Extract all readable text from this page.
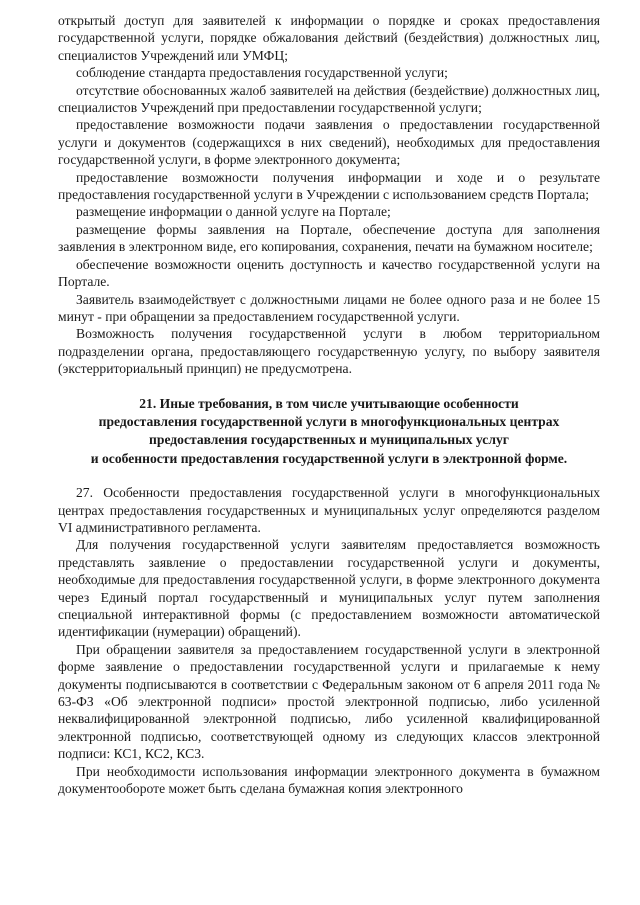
открытый доступ для заявителей к информации о порядке и сроках предоставления государственной услуги, порядке обжалования действий (бездействия) должностных лиц, специалистов Учреждений или УМФЦ;

соблюдение стандарта предоставления государственной услуги;

отсутствие обоснованных жалоб заявителей на действия (бездействие) должностных лиц, специалистов Учреждений при предоставлении государственной услуги;

предоставление возможности подачи заявления о предоставлении государственной услуги и документов (содержащихся в них сведений), необходимых для предоставления государственной услуги, в форме электронного документа;

предоставление возможности получения информации и ходе и о результате предоставления государственной услуги в Учреждении с использованием средств Портала;

размещение информации о данной услуге на Портале;

размещение формы заявления на Портале, обеспечение доступа для заполнения заявления в электронном виде, его копирования, сохранения, печати на бумажном носителе;

обеспечение возможности оценить доступность и качество государственной услуги на Портале.

Заявитель взаимодействует с должностными лицами не более одного раза и не более 15 минут - при обращении за предоставлением государственной услуги.

Возможность получения государственной услуги в любом территориальном подразделении органа, предоставляющего государственную услугу, по выбору заявителя (экстерриториальный принцип) не предусмотрена.

21. Иные требования, в том числе учитывающие особенности
предоставления государственной услуги в многофункциональных центрах
предоставления государственных и муниципальных услуг
и особенности предоставления государственной услуги в электронной форме.

27. Особенности предоставления государственной услуги в многофункциональных центрах предоставления государственных и муниципальных услуг определяются разделом VI административного регламента.

Для получения государственной услуги заявителям предоставляется возможность представлять заявление о предоставлении государственной услуги и документы, необходимые для предоставления государственной услуги, в форме электронного документа через Единый портал государственный и муниципальных услуг путем заполнения специальной интерактивной формы (с предоставлением возможности автоматической идентификации (нумерации) обращений).

При обращении заявителя за предоставлением государственной услуги в электронной форме заявление о предоставлении государственной услуги и прилагаемые к нему документы подписываются в соответствии с Федеральным законом от 6 апреля 2011 года № 63-ФЗ «Об электронной подписи» простой электронной подписью, либо усиленной неквалифицированной электронной подписью, либо усиленной квалифицированной электронной подписью, соответствующей одному из следующих классов электронной подписи: КС1, КС2, КС3.

При необходимости использования информации электронного документа в бумажном документообороте может быть сделана бумажная копия электронного
